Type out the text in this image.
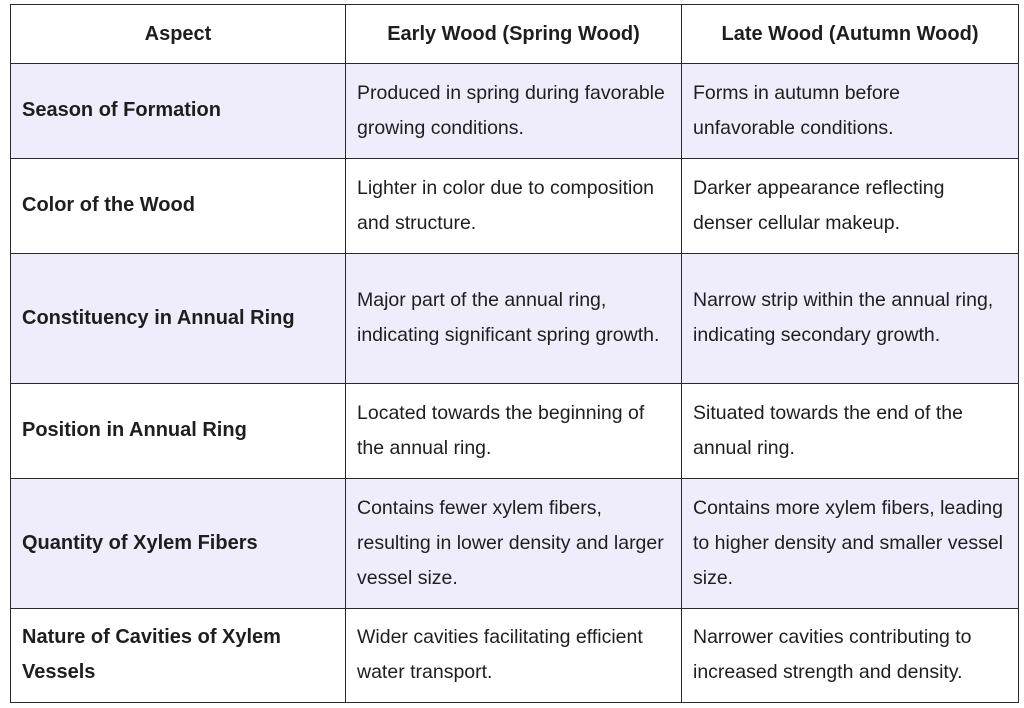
Aspect	Early Wood (Spring Wood)	Late Wood (Autumn Wood)
Season of Formation	Produced in spring during favorable growing conditions.	Forms in autumn before unfavorable conditions.
Color of the Wood	Lighter in color due to composition and structure.	Darker appearance reflecting denser cellular makeup.
Constituency in Annual Ring	Major part of the annual ring, indicating significant spring growth.	Narrow strip within the annual ring, indicating secondary growth.
Position in Annual Ring	Located towards the beginning of the annual ring.	Situated towards the end of the annual ring.
Quantity of Xylem Fibers	Contains fewer xylem fibers, resulting in lower density and larger vessel size.	Contains more xylem fibers, leading to higher density and smaller vessel size.
Nature of Cavities of Xylem Vessels	Wider cavities facilitating efficient water transport.	Narrower cavities contributing to increased strength and density.
